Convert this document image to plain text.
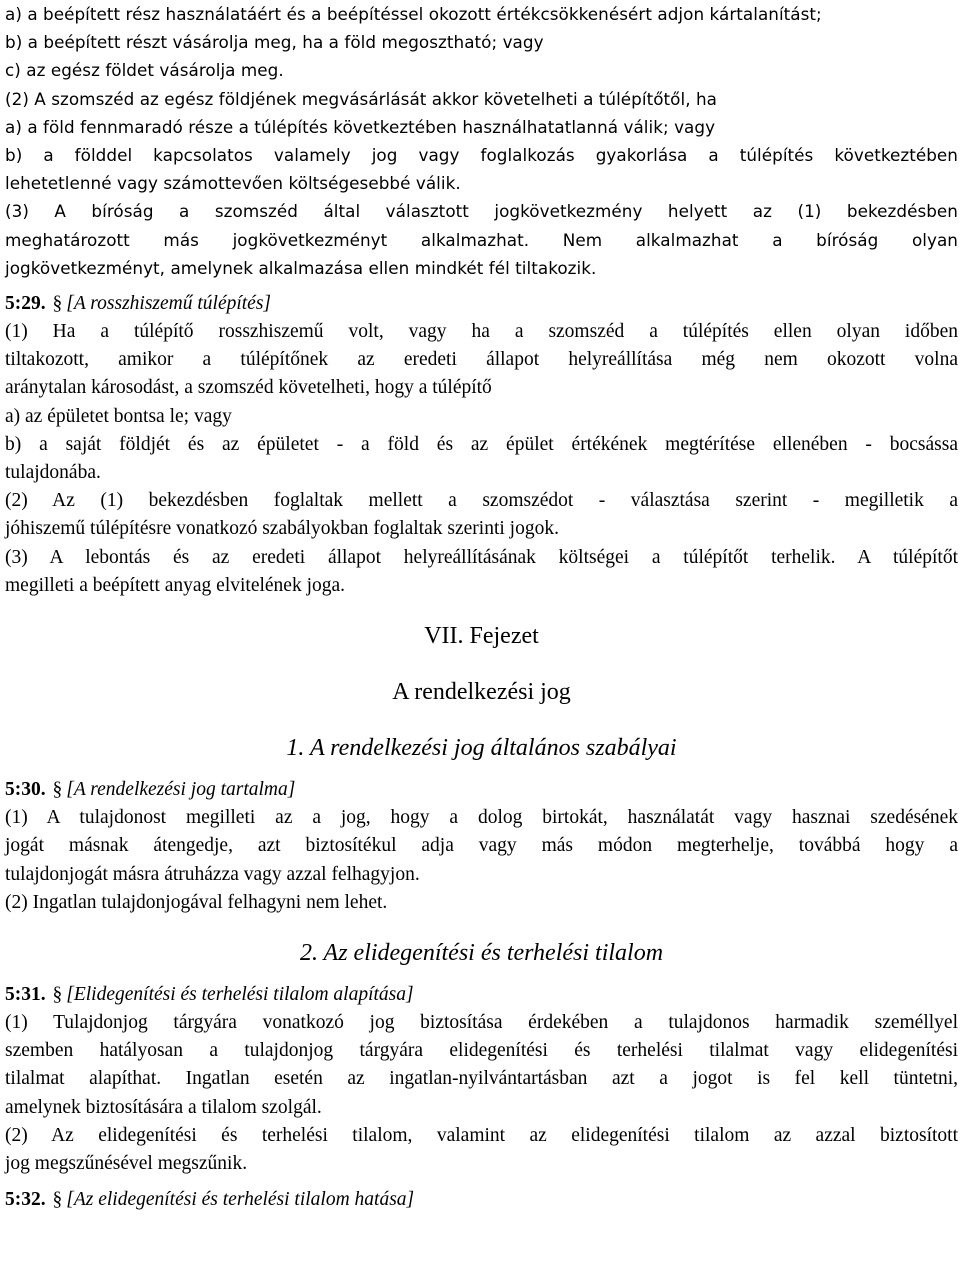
a) a beépített rész használatáért és a beépítéssel okozott értékcsökkenésért adjon kártalanítást;
b) a beépített részt vásárolja meg, ha a föld megosztható; vagy
c) az egész földet vásárolja meg.
(2) A szomszéd az egész földjének megvásárlását akkor követelheti a túlépítőtől, ha
a) a föld fennmaradó része a túlépítés következtében használhatatlanná válik; vagy
b) a földdel kapcsolatos valamely jog vagy foglalkozás gyakorlása a túlépítés következtében
lehetetlenné vagy számottevően költségesebbé válik.
(3) A bíróság a szomszéd által választott jogkövetkezmény helyett az (1) bekezdésben
meghatározott más jogkövetkezményt alkalmazhat. Nem alkalmazhat a bíróság olyan
jogkövetkezményt, amelynek alkalmazása ellen mindkét fél tiltakozik.
5:29. § [A rosszhiszemű túlépítés]
(1) Ha a túlépítő rosszhiszemű volt, vagy ha a szomszéd a túlépítés ellen olyan időben
tiltakozott, amikor a túlépítőnek az eredeti állapot helyreállítása még nem okozott volna
aránytalan károsodást, a szomszéd követelheti, hogy a túlépítő
a) az épületet bontsa le; vagy
b) a saját földjét és az épületet - a föld és az épület értékének megtérítése ellenében - bocsássa
tulajdonába.
(2) Az (1) bekezdésben foglaltak mellett a szomszédot - választása szerint - megilletik a
jóhiszemű túlépítésre vonatkozó szabályokban foglaltak szerinti jogok.
(3) A lebontás és az eredeti állapot helyreállításának költségei a túlépítőt terhelik. A túlépítőt
megilleti a beépített anyag elvitelének joga.
VII. Fejezet
A rendelkezési jog
1. A rendelkezési jog általános szabályai
5:30. § [A rendelkezési jog tartalma]
(1) A tulajdonost megilleti az a jog, hogy a dolog birtokát, használatát vagy hasznai szedésének
jogát másnak átengedje, azt biztosítékul adja vagy más módon megterhelje, továbbá hogy a
tulajdonjogát másra átruházza vagy azzal felhagyjon.
(2) Ingatlan tulajdonjogával felhagyni nem lehet.
2. Az elidegenítési és terhelési tilalom
5:31. § [Elidegenítési és terhelési tilalom alapítása]
(1) Tulajdonjog tárgyára vonatkozó jog biztosítása érdekében a tulajdonos harmadik személlyel
szemben hatályosan a tulajdonjog tárgyára elidegenítési és terhelési tilalmat vagy elidegenítési
tilalmat alapíthat. Ingatlan esetén az ingatlan-nyilvántartásban azt a jogot is fel kell tüntetni,
amelynek biztosítására a tilalom szolgál.
(2) Az elidegenítési és terhelési tilalom, valamint az elidegenítési tilalom az azzal biztosított
jog megszűnésével megszűnik.
5:32. § [Az elidegenítési és terhelési tilalom hatása]
